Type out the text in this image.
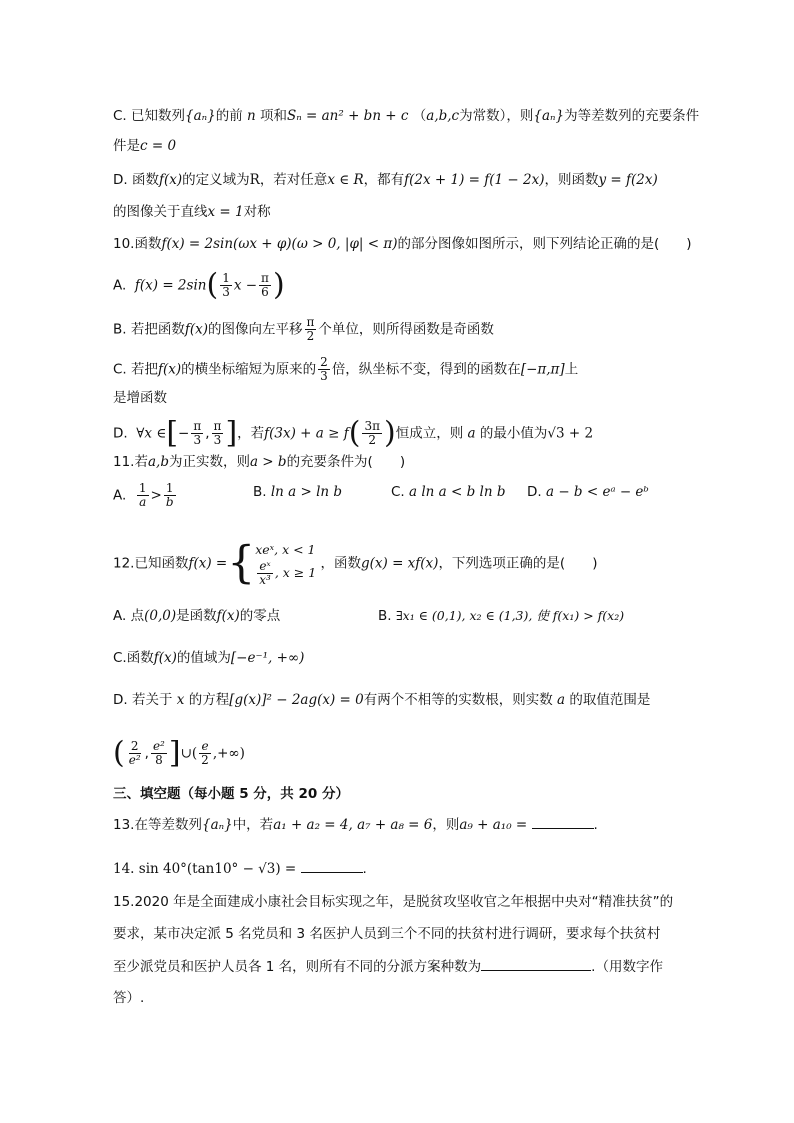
C. 已知数列{aₙ}的前 n 项和Sₙ = an² + bn + c （a,b,c为常数），则{aₙ}为等差数列的充要条件
件是c = 0
D. 函数f(x)的定义域为R，若对任意x ∈ R，都有f(2x + 1) = f(1 − 2x)，则函数y = f(2x)
的图像关于直线x = 1对称
10.函数f(x) = 2sin(ωx + φ)(ω > 0, |φ| < π)的部分图像如图所示，则下列结论正确的是(　　)
A. $f(x) = 2\sin( \frac{1}{3}$ $x - \frac{\pi}{6}$ )
B. 若把函数f(x)的图像向左平移 $\frac{\pi}{2}$ 个单位，则所得函数是奇函数
C. 若把f(x)的横坐标缩短为原来的 $\frac{2}{3}$ 倍，纵坐标不变，得到的函数在[−π,π]上
是增函数
D. ∀x ∈[− $\frac{\pi}{3}$ , $\frac{\pi}{3}$ ]，若$f(3x) + a \ge f( \frac{3\pi}{2}$ )恒成立，则 a 的最小值为√3 + 2
11.若a,b为正实数，则a > b的充要条件为(　　)
A. $\frac{1}{a} > \frac{1}{b}$	B. ln a > ln b	C. a ln a < b ln b D. a − b < eᵃ − eᵇ
12.已知函数f(x) ={ xeˣ, x < 1
$\frac{\text{eˣ}}{\text{x³}}$ , x ≥ 1
，函数g(x) = xf(x)，下列选项正确的是(　　)
A. 点(0,0)是函数f(x)的零点	B. ∃x₁ ∈ (0,1), x₂ ∈ (1,3), 使 f(x₁) > f(x₂)
C.函数f(x)的值域为[−e⁻¹, +∞)
D. 若关于 x 的方程[g(x)]² − 2ag(x) = 0有两个不相等的实数根，则实数 a 的取值范围是
( $\frac{2}{\text{e²}}$ , $\frac{\text{e²}}{8}$ ]∪( $\frac{e}{2}$ ,+∞)
三、填空题（每小题 5 分，共 20 分）
13.在等差数列{aₙ}中，若a₁ + a₂ = 4, a₇ + a₈ = 6，则a₉ + a₁₀ =	.
14. sin 40°(tan10° − √3) =	.
15.2020 年是全面建成小康社会目标实现之年，是脱贫攻坚收官之年根据中央对“精准扶贫”的
要求，某市决定派 5 名党员和 3 名医护人员到三个不同的扶贫村进行调研，要求每个扶贫村
至少派党员和医护人员各 1 名，则所有不同的分派方案种数为	.（用数字作
答）.
